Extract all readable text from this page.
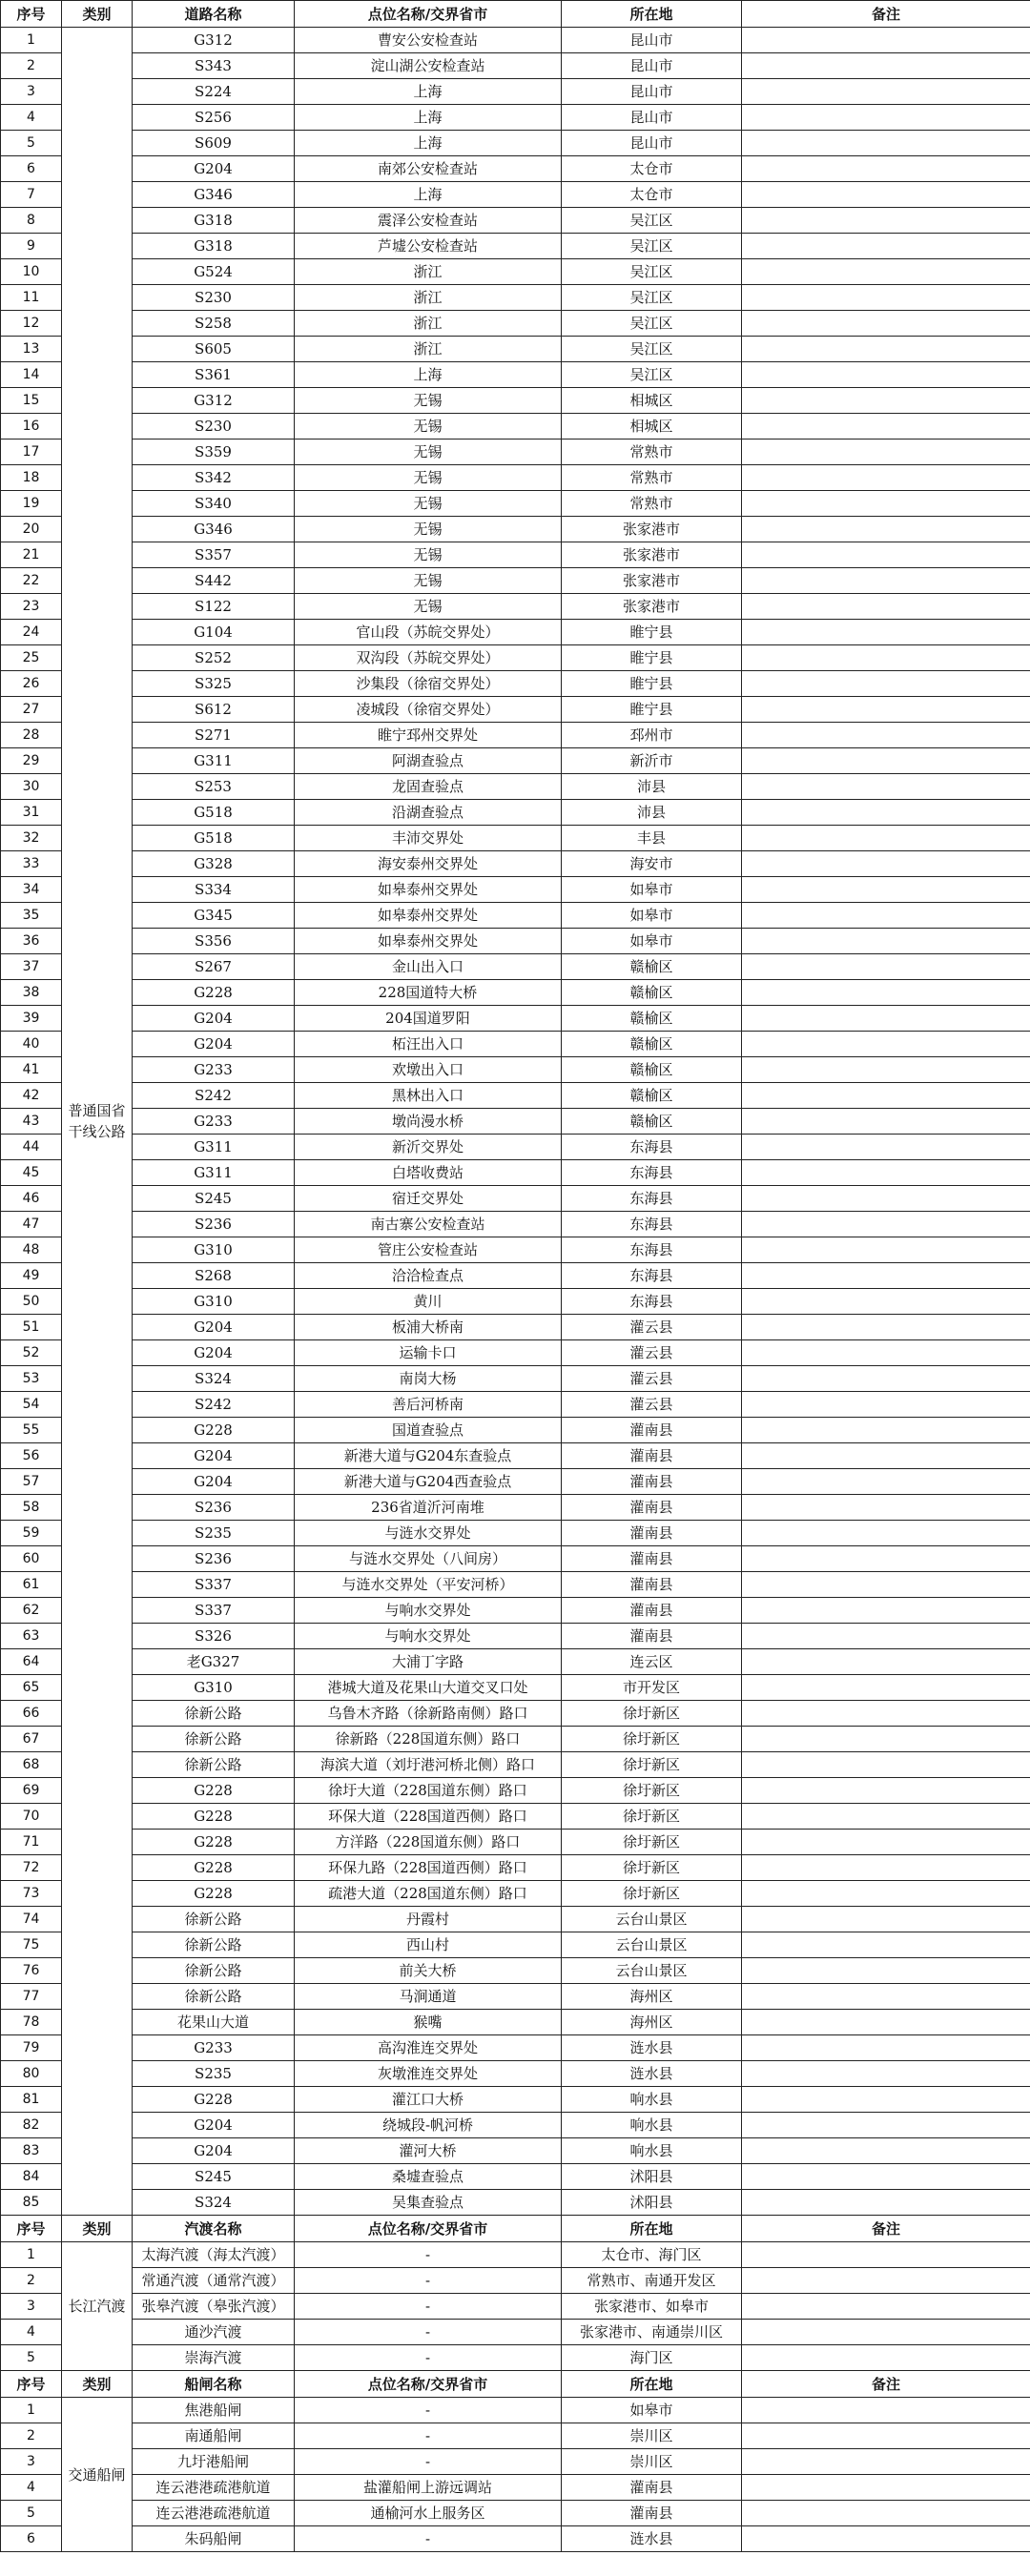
序号	类别	道路名称	点位名称/交界省市	所在地	备注
1	普通国省干线公路	G312	曹安公安检查站	昆山市	
2		S343	淀山湖公安检查站	昆山市	
3		S224	上海	昆山市	
4		S256	上海	昆山市	
5		S609	上海	昆山市	
6		G204	南郊公安检查站	太仓市	
7		G346	上海	太仓市	
8		G318	震泽公安检查站	吴江区	
9		G318	芦墟公安检查站	吴江区	
10		G524	浙江	吴江区	
11		S230	浙江	吴江区	
12		S258	浙江	吴江区	
13		S605	浙江	吴江区	
14		S361	上海	吴江区	
15		G312	无锡	相城区	
16		S230	无锡	相城区	
17		S359	无锡	常熟市	
18		S342	无锡	常熟市	
19		S340	无锡	常熟市	
20		G346	无锡	张家港市	
21		S357	无锡	张家港市	
22		S442	无锡	张家港市	
23		S122	无锡	张家港市	
24		G104	官山段（苏皖交界处）	睢宁县	
25		S252	双沟段（苏皖交界处）	睢宁县	
26		S325	沙集段（徐宿交界处）	睢宁县	
27		S612	凌城段（徐宿交界处）	睢宁县	
28		S271	睢宁邳州交界处	邳州市	
29		G311	阿湖查验点	新沂市	
30		S253	龙固查验点	沛县	
31		G518	沿湖查验点	沛县	
32		G518	丰沛交界处	丰县	
33		G328	海安泰州交界处	海安市	
34		S334	如皋泰州交界处	如皋市	
35		G345	如皋泰州交界处	如皋市	
36		S356	如皋泰州交界处	如皋市	
37		S267	金山出入口	赣榆区	
38		G228	228国道特大桥	赣榆区	
39		G204	204国道罗阳	赣榆区	
40		G204	柘汪出入口	赣榆区	
41		G233	欢墩出入口	赣榆区	
42		S242	黑林出入口	赣榆区	
43		G233	墩尚漫水桥	赣榆区	
44		G311	新沂交界处	东海县	
45		G311	白塔收费站	东海县	
46		S245	宿迁交界处	东海县	
47		S236	南古寨公安检查站	东海县	
48		G310	管庄公安检查站	东海县	
49		S268	洽洽检查点	东海县	
50		G310	黄川	东海县	
51		G204	板浦大桥南	灌云县	
52		G204	运输卡口	灌云县	
53		S324	南岗大杨	灌云县	
54		S242	善后河桥南	灌云县	
55		G228	国道查验点	灌南县	
56		G204	新港大道与G204东查验点	灌南县	
57		G204	新港大道与G204西查验点	灌南县	
58		S236	236省道沂河南堆	灌南县	
59		S235	与涟水交界处	灌南县	
60		S236	与涟水交界处（八间房）	灌南县	
61		S337	与涟水交界处（平安河桥）	灌南县	
62		S337	与响水交界处	灌南县	
63		S326	与响水交界处	灌南县	
64		老G327	大浦丁字路	连云区	
65		G310	港城大道及花果山大道交叉口处	市开发区	
66		徐新公路	乌鲁木齐路（徐新路南侧）路口	徐圩新区	
67		徐新公路	徐新路（228国道东侧）路口	徐圩新区	
68		徐新公路	海滨大道（刘圩港河桥北侧）路口	徐圩新区	
69		G228	徐圩大道（228国道东侧）路口	徐圩新区	
70		G228	环保大道（228国道西侧）路口	徐圩新区	
71		G228	方洋路（228国道东侧）路口	徐圩新区	
72		G228	环保九路（228国道西侧）路口	徐圩新区	
73		G228	疏港大道（228国道东侧）路口	徐圩新区	
74		徐新公路	丹霞村	云台山景区	
75		徐新公路	西山村	云台山景区	
76		徐新公路	前关大桥	云台山景区	
77		徐新公路	马涧通道	海州区	
78		花果山大道	猴嘴	海州区	
79		G233	高沟淮连交界处	涟水县	
80		S235	灰墩淮连交界处	涟水县	
81		G228	灌江口大桥	响水县	
82		G204	绕城段-帆河桥	响水县	
83		G204	灌河大桥	响水县	
84		S245	桑墟查验点	沭阳县	
85		S324	吴集查验点	沭阳县	
序号	类别	汽渡名称	点位名称/交界省市	所在地	备注
1	长江汽渡	太海汽渡（海太汽渡）	-	太仓市、海门区	
2		常通汽渡（通常汽渡）	-	常熟市、南通开发区	
3		张皋汽渡（皋张汽渡）	-	张家港市、如皋市	
4		通沙汽渡	-	张家港市、南通崇川区	
5		崇海汽渡	-	海门区	
序号	类别	船闸名称	点位名称/交界省市	所在地	备注
1	交通船闸	焦港船闸	-	如皋市	
2		南通船闸	-	崇川区	
3		九圩港船闸	-	崇川区	
4		连云港港疏港航道	盐灌船闸上游远调站	灌南县	
5		连云港港疏港航道	通榆河水上服务区	灌南县	
6		朱码船闸	-	涟水县	
